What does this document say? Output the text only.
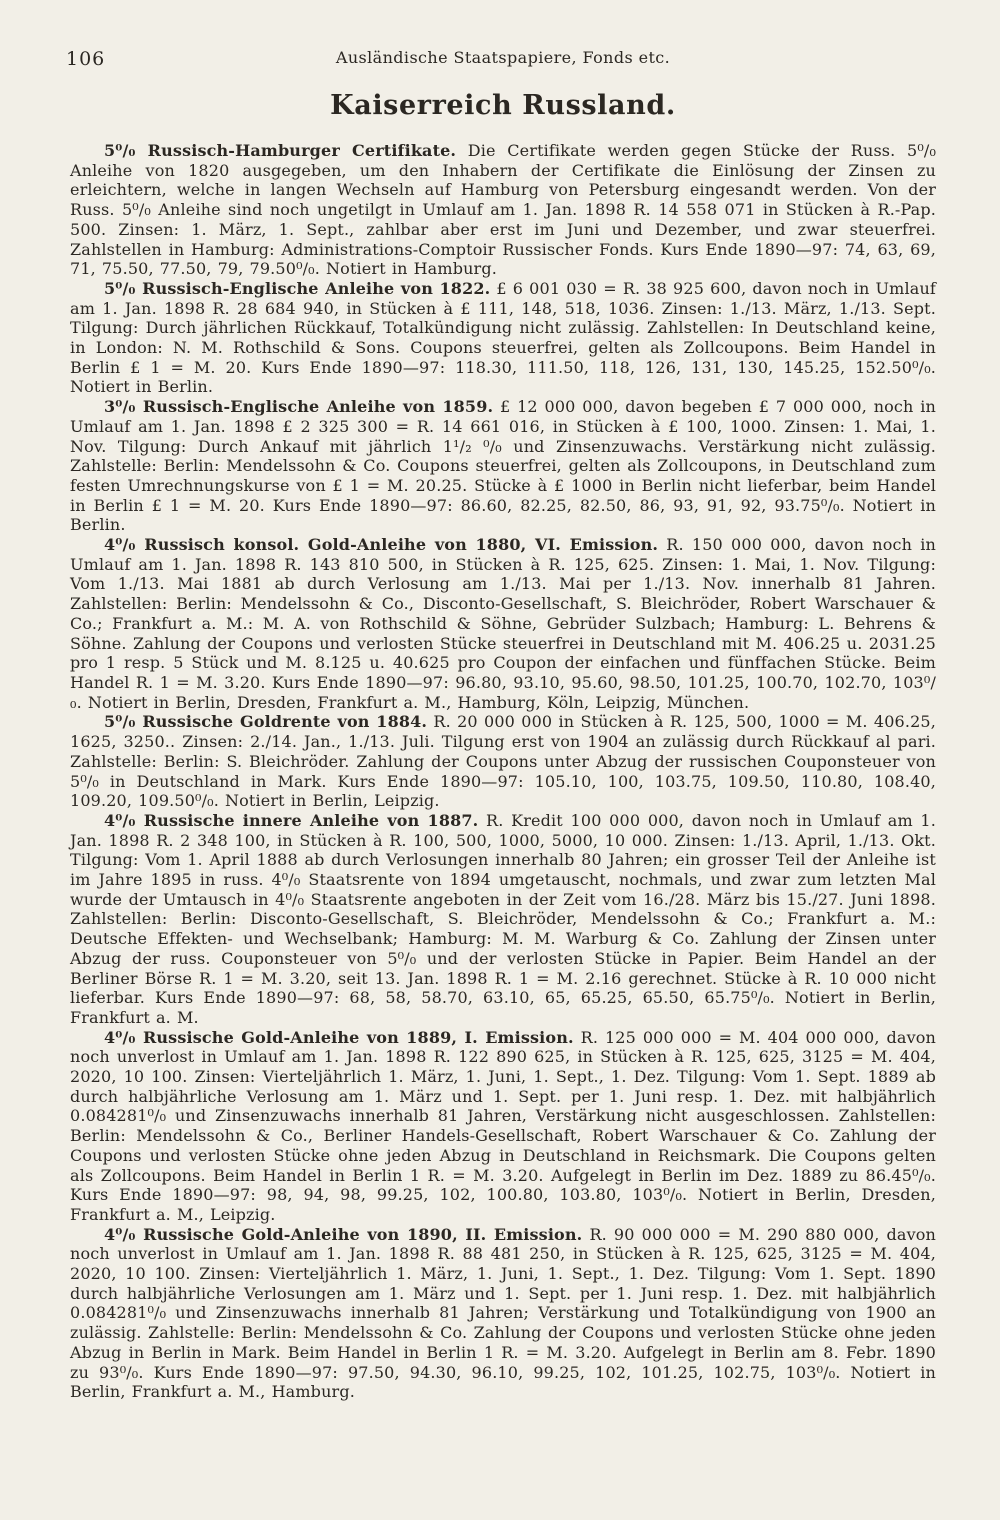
106	Ausländische Staatspapiere, Fonds etc.
Kaiserreich Russland.

5⁰/₀ Russisch-Hamburger Certifikate. Die Certifikate werden gegen Stücke der Russ. 5⁰/₀ Anleihe von 1820 ausgegeben, um den Inhabern der Certifikate die Einlösung der Zinsen zu erleichtern, welche in langen Wechseln auf Hamburg von Petersburg eingesandt werden. Von der Russ. 5⁰/₀ Anleihe sind noch ungetilgt in Umlauf am 1. Jan. 1898 R. 14 558 071 in Stücken à R.-Pap. 500. Zinsen: 1. März, 1. Sept., zahlbar aber erst im Juni und Dezember, und zwar steuerfrei. Zahlstellen in Hamburg: Administrations-Comptoir Russischer Fonds. Kurs Ende 1890—97: 74, 63, 69, 71, 75.50, 77.50, 79, 79.50⁰/₀. Notiert in Hamburg.

5⁰/₀ Russisch-Englische Anleihe von 1822. £ 6 001 030 = R. 38 925 600, davon noch in Umlauf am 1. Jan. 1898 R. 28 684 940, in Stücken à £ 111, 148, 518, 1036. Zinsen: 1./13. März, 1./13. Sept. Tilgung: Durch jährlichen Rückkauf, Totalkündigung nicht zulässig. Zahlstellen: In Deutschland keine, in London: N. M. Rothschild & Sons. Coupons steuerfrei, gelten als Zollcoupons. Beim Handel in Berlin £ 1 = M. 20. Kurs Ende 1890—97: 118.30, 111.50, 118, 126, 131, 130, 145.25, 152.50⁰/₀. Notiert in Berlin.

3⁰/₀ Russisch-Englische Anleihe von 1859. £ 12 000 000, davon begeben £ 7 000 000, noch in Umlauf am 1. Jan. 1898 £ 2 325 300 = R. 14 661 016, in Stücken à £ 100, 1000. Zinsen: 1. Mai, 1. Nov. Tilgung: Durch Ankauf mit jährlich 1¹/₂ ⁰/₀ und Zinsenzuwachs. Verstärkung nicht zulässig. Zahlstelle: Berlin: Mendelssohn & Co. Coupons steuerfrei, gelten als Zollcoupons, in Deutschland zum festen Umrechnungskurse von £ 1 = M. 20.25. Stücke à £ 1000 in Berlin nicht lieferbar, beim Handel in Berlin £ 1 = M. 20. Kurs Ende 1890—97: 86.60, 82.25, 82.50, 86, 93, 91, 92, 93.75⁰/₀. Notiert in Berlin.

4⁰/₀ Russisch konsol. Gold-Anleihe von 1880, VI. Emission. R. 150 000 000, davon noch in Umlauf am 1. Jan. 1898 R. 143 810 500, in Stücken à R. 125, 625. Zinsen: 1. Mai, 1. Nov. Tilgung: Vom 1./13. Mai 1881 ab durch Verlosung am 1./13. Mai per 1./13. Nov. innerhalb 81 Jahren. Zahlstellen: Berlin: Mendelssohn & Co., Disconto-Gesellschaft, S. Bleichröder, Robert Warschauer & Co.; Frankfurt a. M.: M. A. von Rothschild & Söhne, Gebrüder Sulzbach; Hamburg: L. Behrens & Söhne. Zahlung der Coupons und verlosten Stücke steuerfrei in Deutschland mit M. 406.25 u. 2031.25 pro 1 resp. 5 Stück und M. 8.125 u. 40.625 pro Coupon der einfachen und fünffachen Stücke. Beim Handel R. 1 = M. 3.20. Kurs Ende 1890—97: 96.80, 93.10, 95.60, 98.50, 101.25, 100.70, 102.70, 103⁰/₀. Notiert in Berlin, Dresden, Frankfurt a. M., Hamburg, Köln, Leipzig, München.

5⁰/₀ Russische Goldrente von 1884. R. 20 000 000 in Stücken à R. 125, 500, 1000 = M. 406.25, 1625, 3250.. Zinsen: 2./14. Jan., 1./13. Juli. Tilgung erst von 1904 an zulässig durch Rückkauf al pari. Zahlstelle: Berlin: S. Bleichröder. Zahlung der Coupons unter Abzug der russischen Couponsteuer von 5⁰/₀ in Deutschland in Mark. Kurs Ende 1890—97: 105.10, 100, 103.75, 109.50, 110.80, 108.40, 109.20, 109.50⁰/₀. Notiert in Berlin, Leipzig.

4⁰/₀ Russische innere Anleihe von 1887. R. Kredit 100 000 000, davon noch in Umlauf am 1. Jan. 1898 R. 2 348 100, in Stücken à R. 100, 500, 1000, 5000, 10 000. Zinsen: 1./13. April, 1./13. Okt. Tilgung: Vom 1. April 1888 ab durch Verlosungen innerhalb 80 Jahren; ein grosser Teil der Anleihe ist im Jahre 1895 in russ. 4⁰/₀ Staatsrente von 1894 umgetauscht, nochmals, und zwar zum letzten Mal wurde der Umtausch in 4⁰/₀ Staatsrente angeboten in der Zeit vom 16./28. März bis 15./27. Juni 1898. Zahlstellen: Berlin: Disconto-Gesellschaft, S. Bleichröder, Mendelssohn & Co.; Frankfurt a. M.: Deutsche Effekten- und Wechselbank; Hamburg: M. M. Warburg & Co. Zahlung der Zinsen unter Abzug der russ. Couponsteuer von 5⁰/₀ und der verlosten Stücke in Papier. Beim Handel an der Berliner Börse R. 1 = M. 3.20, seit 13. Jan. 1898 R. 1 = M. 2.16 gerechnet. Stücke à R. 10 000 nicht lieferbar. Kurs Ende 1890—97: 68, 58, 58.70, 63.10, 65, 65.25, 65.50, 65.75⁰/₀. Notiert in Berlin, Frankfurt a. M.

4⁰/₀ Russische Gold-Anleihe von 1889, I. Emission. R. 125 000 000 = M. 404 000 000, davon noch unverlost in Umlauf am 1. Jan. 1898 R. 122 890 625, in Stücken à R. 125, 625, 3125 = M. 404, 2020, 10 100. Zinsen: Vierteljährlich 1. März, 1. Juni, 1. Sept., 1. Dez. Tilgung: Vom 1. Sept. 1889 ab durch halbjährliche Verlosung am 1. März und 1. Sept. per 1. Juni resp. 1. Dez. mit halbjährlich 0.084281⁰/₀ und Zinsenzuwachs innerhalb 81 Jahren, Verstärkung nicht ausgeschlossen. Zahlstellen: Berlin: Mendelssohn & Co., Berliner Handels-Gesellschaft, Robert Warschauer & Co. Zahlung der Coupons und verlosten Stücke ohne jeden Abzug in Deutschland in Reichsmark. Die Coupons gelten als Zollcoupons. Beim Handel in Berlin 1 R. = M. 3.20. Aufgelegt in Berlin im Dez. 1889 zu 86.45⁰/₀. Kurs Ende 1890—97: 98, 94, 98, 99.25, 102, 100.80, 103.80, 103⁰/₀. Notiert in Berlin, Dresden, Frankfurt a. M., Leipzig.

4⁰/₀ Russische Gold-Anleihe von 1890, II. Emission. R. 90 000 000 = M. 290 880 000, davon noch unverlost in Umlauf am 1. Jan. 1898 R. 88 481 250, in Stücken à R. 125, 625, 3125 = M. 404, 2020, 10 100. Zinsen: Vierteljährlich 1. März, 1. Juni, 1. Sept., 1. Dez. Tilgung: Vom 1. Sept. 1890 durch halbjährliche Verlosungen am 1. März und 1. Sept. per 1. Juni resp. 1. Dez. mit halbjährlich 0.084281⁰/₀ und Zinsenzuwachs innerhalb 81 Jahren; Verstärkung und Totalkündigung von 1900 an zulässig. Zahlstelle: Berlin: Mendelssohn & Co. Zahlung der Coupons und verlosten Stücke ohne jeden Abzug in Berlin in Mark. Beim Handel in Berlin 1 R. = M. 3.20. Aufgelegt in Berlin am 8. Febr. 1890 zu 93⁰/₀. Kurs Ende 1890—97: 97.50, 94.30, 96.10, 99.25, 102, 101.25, 102.75, 103⁰/₀. Notiert in Berlin, Frankfurt a. M., Hamburg.
